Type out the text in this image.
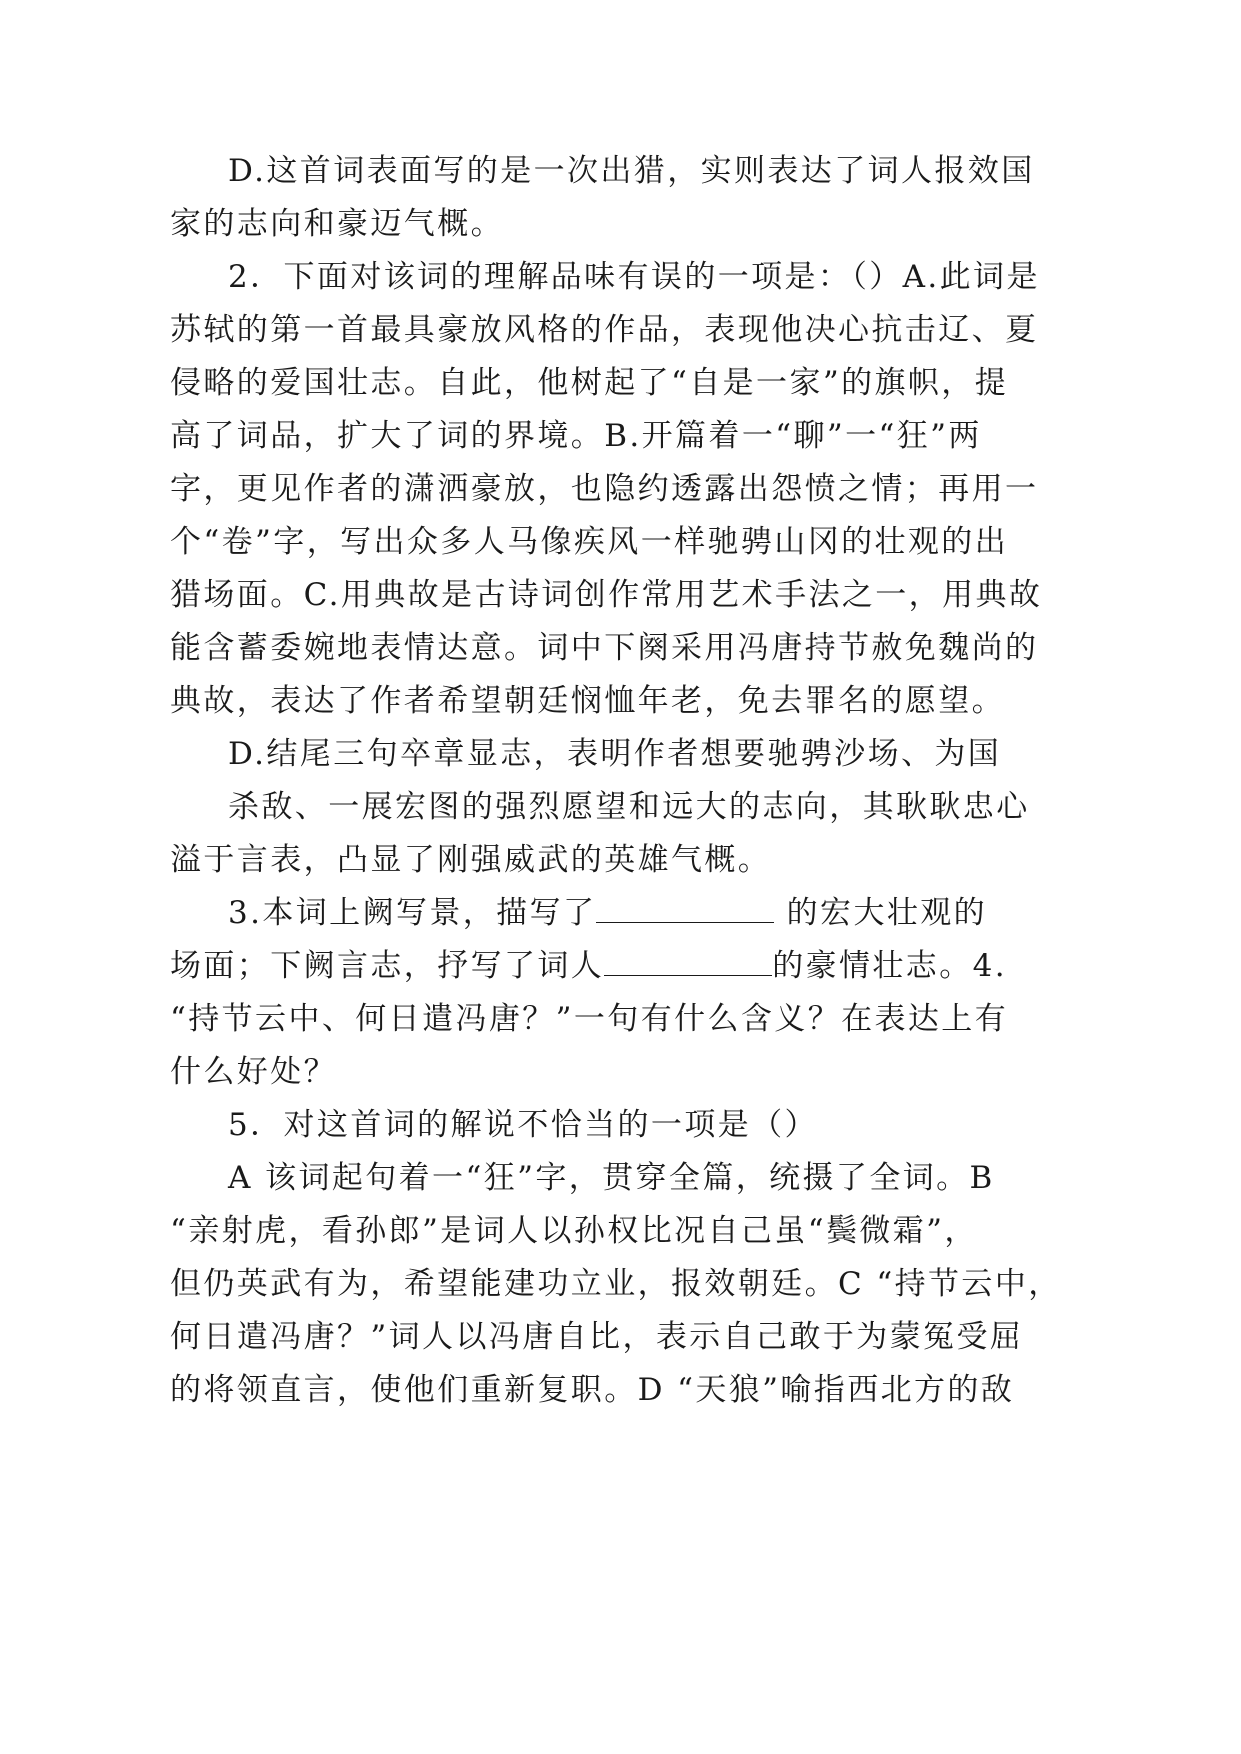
D.这首词表面写的是一次出猎，实则表达了词人报效国
家的志向和豪迈气概。
2．下面对该词的理解品味有误的一项是：（）A.此词是
苏轼的第一首最具豪放风格的作品，表现他决心抗击辽、夏
侵略的爱国壮志。自此，他树起了“自是一家”的旗帜，提
高了词品，扩大了词的界境。B.开篇着一“聊”一“狂”两
字，更见作者的潇洒豪放，也隐约透露出怨愤之情；再用一
个“卷”字，写出众多人马像疾风一样驰骋山冈的壮观的出
猎场面。C.用典故是古诗词创作常用艺术手法之一，用典故
能含蓄委婉地表情达意。词中下阕采用冯唐持节赦免魏尚的
典故，表达了作者希望朝廷悯恤年老，免去罪名的愿望。
D.结尾三句卒章显志，表明作者想要驰骋沙场、为国
杀敌、一展宏图的强烈愿望和远大的志向，其耿耿忠心
溢于言表，凸显了刚强威武的英雄气概。
3.本词上阙写景，描写了	的宏大壮观的
场面；下阙言志，抒写了词人	的豪情壮志。4.
“持节云中、何日遣冯唐？”一句有什么含义？在表达上有
什么好处？
5．对这首词的解说不恰当的一项是（）
A 该词起句着一“狂”字，贯穿全篇，统摄了全词。B
“亲射虎，看孙郎”是词人以孙权比况自己虽“鬓微霜”，
但仍英武有为，希望能建功立业，报效朝廷。C “持节云中，
何日遣冯唐？”词人以冯唐自比，表示自己敢于为蒙冤受屈
的将领直言，使他们重新复职。D “天狼”喻指西北方的敌
